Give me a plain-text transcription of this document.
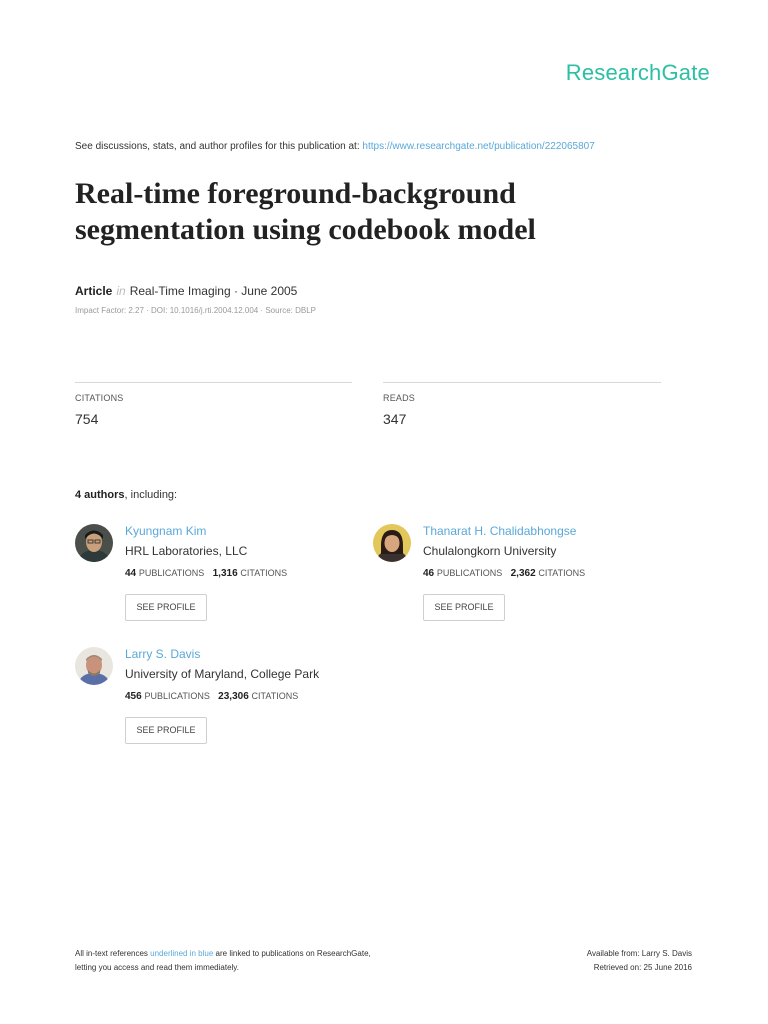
ResearchGate
See discussions, stats, and author profiles for this publication at: https://www.researchgate.net/publication/222065807
Real-time foreground-background segmentation using codebook model
Article in Real-Time Imaging · June 2005
Impact Factor: 2.27 · DOI: 10.1016/j.rti.2004.12.004 · Source: DBLP
CITATIONS
754
READS
347
4 authors, including:
Kyungnam Kim
HRL Laboratories, LLC
44 PUBLICATIONS 1,316 CITATIONS
SEE PROFILE
Thanarat H. Chalidabhongse
Chulalongkorn University
46 PUBLICATIONS 2,362 CITATIONS
SEE PROFILE
Larry S. Davis
University of Maryland, College Park
456 PUBLICATIONS 23,306 CITATIONS
SEE PROFILE
All in-text references underlined in blue are linked to publications on ResearchGate,
letting you access and read them immediately.
Available from: Larry S. Davis
Retrieved on: 25 June 2016
